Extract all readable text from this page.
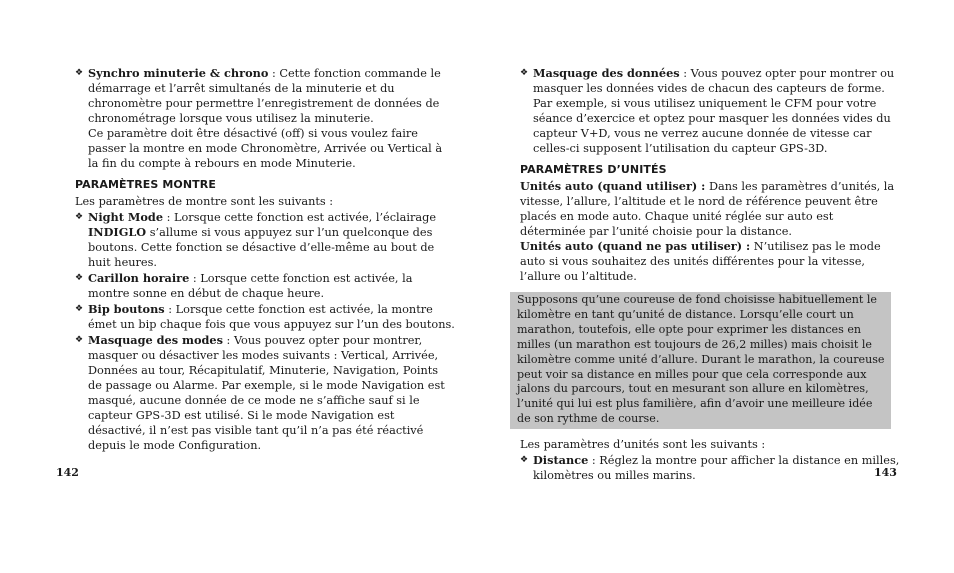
❖ Synchro minuterie & chrono : Cette fonction commande le démarrage et l’arrêt simultanés de la minuterie et du chronomètre pour permettre l’enregistrement de données de chronométrage lorsque vous utilisez la minuterie.
Ce paramètre doit être désactivé (off) si vous voulez faire passer la montre en mode Chronomètre, Arrivée ou Vertical à la fin du compte à rebours en mode Minuterie.
PARAMÈTRES MONTRE
Les paramètres de montre sont les suivants :
❖ Night Mode : Lorsque cette fonction est activée, l’éclairage INDIGLO s’allume si vous appuyez sur l’un quelconque des boutons. Cette fonction se désactive d’elle-même au bout de huit heures.
❖ Carillon horaire : Lorsque cette fonction est activée, la montre sonne en début de chaque heure.
❖ Bip boutons : Lorsque cette fonction est activée, la montre émet un bip chaque fois que vous appuyez sur l’un des boutons.
❖ Masquage des modes : Vous pouvez opter pour montrer, masquer ou désactiver les modes suivants : Vertical, Arrivée, Données au tour, Récapitulatif, Minuterie, Navigation, Points de passage ou Alarme. Par exemple, si le mode Navigation est masqué, aucune donnée de ce mode ne s’affiche sauf si le capteur GPS-3D est utilisé. Si le mode Navigation est désactivé, il n’est pas visible tant qu’il n’a pas été réactivé depuis le mode Configuration.
❖ Masquage des données : Vous pouvez opter pour montrer ou masquer les données vides de chacun des capteurs de forme. Par exemple, si vous utilisez uniquement le CFM pour votre séance d’exercice et optez pour masquer les données vides du capteur V+D, vous ne verrez aucune donnée de vitesse car celles-ci supposent l’utilisation du capteur GPS-3D.
PARAMÈTRES D’UNITÉS
Unités auto (quand utiliser) : Dans les paramètres d’unités, la vitesse, l’allure, l’altitude et le nord de référence peuvent être placés en mode auto. Chaque unité réglée sur auto est déterminée par l’unité choisie pour la distance.
Unités auto (quand ne pas utiliser) : N’utilisez pas le mode auto si vous souhaitez des unités différentes pour la vitesse, l’allure ou l’altitude.
Supposons qu’une coureuse de fond choisisse habituellement le kilomètre en tant qu’unité de distance. Lorsqu’elle court un marathon, toutefois, elle opte pour exprimer les distances en milles (un marathon est toujours de 26,2 milles) mais choisit le kilomètre comme unité d’allure. Durant le marathon, la coureuse peut voir sa distance en milles pour que cela corresponde aux jalons du parcours, tout en mesurant son allure en kilomètres, l’unité qui lui est plus familière, afin d’avoir une meilleure idée de son rythme de course.
Les paramètres d’unités sont les suivants :
❖ Distance : Réglez la montre pour afficher la distance en milles, kilomètres ou milles marins.
142	143
